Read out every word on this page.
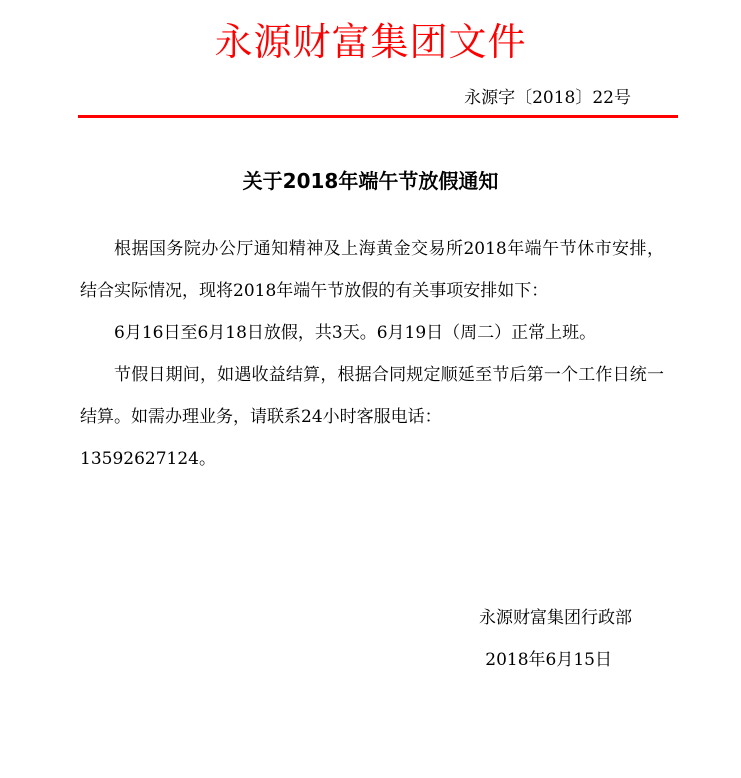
永源财富集团文件
永源字〔2018〕22号
关于2018年端午节放假通知

根据国务院办公厅通知精神及上海黄金交易所2018年端午节休市安排，结合实际情况，现将2018年端午节放假的有关事项安排如下：

6月16日至6月18日放假，共3天。6月19日（周二）正常上班。

节假日期间，如遇收益结算，根据合同规定顺延至节后第一个工作日统一结算。如需办理业务，请联系24小时客服电话：

13592627124。

永源财富集团行政部
2018年6月15日
